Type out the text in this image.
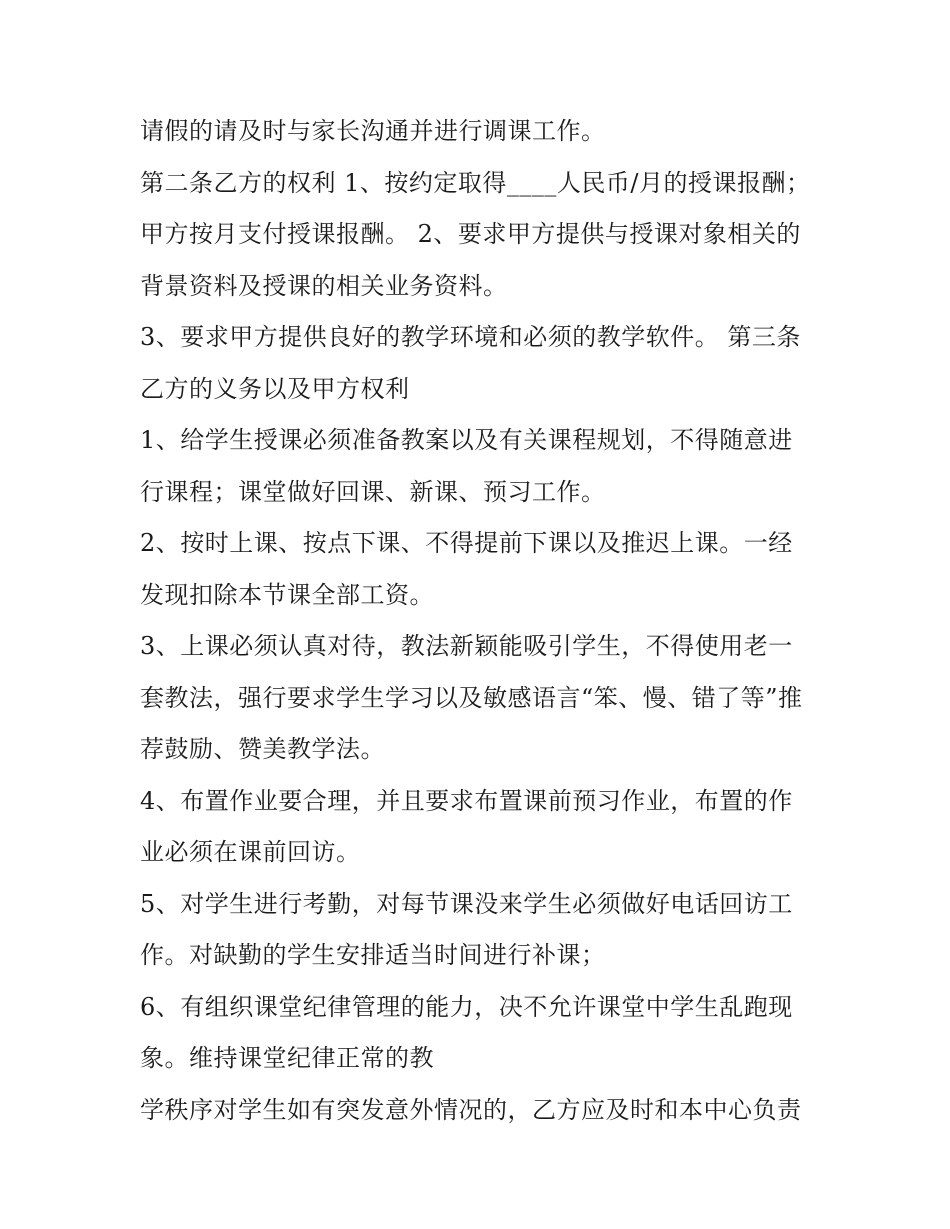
请假的请及时与家长沟通并进行调课工作。
第二条乙方的权利 1、按约定取得____人民币/月的授课报酬；
甲方按月支付授课报酬。 2、要求甲方提供与授课对象相关的
背景资料及授课的相关业务资料。
3、要求甲方提供良好的教学环境和必须的教学软件。 第三条
乙方的义务以及甲方权利
1、给学生授课必须准备教案以及有关课程规划，不得随意进
行课程；课堂做好回课、新课、预习工作。
2、按时上课、按点下课、不得提前下课以及推迟上课。一经
发现扣除本节课全部工资。
3、上课必须认真对待，教法新颖能吸引学生，不得使用老一
套教法，强行要求学生学习以及敏感语言“笨、慢、错了等”推
荐鼓励、赞美教学法。
4、布置作业要合理，并且要求布置课前预习作业，布置的作
业必须在课前回访。
5、对学生进行考勤，对每节课没来学生必须做好电话回访工
作。对缺勤的学生安排适当时间进行补课；
6、有组织课堂纪律管理的能力，决不允许课堂中学生乱跑现
象。维持课堂纪律正常的教
学秩序对学生如有突发意外情况的，乙方应及时和本中心负责
